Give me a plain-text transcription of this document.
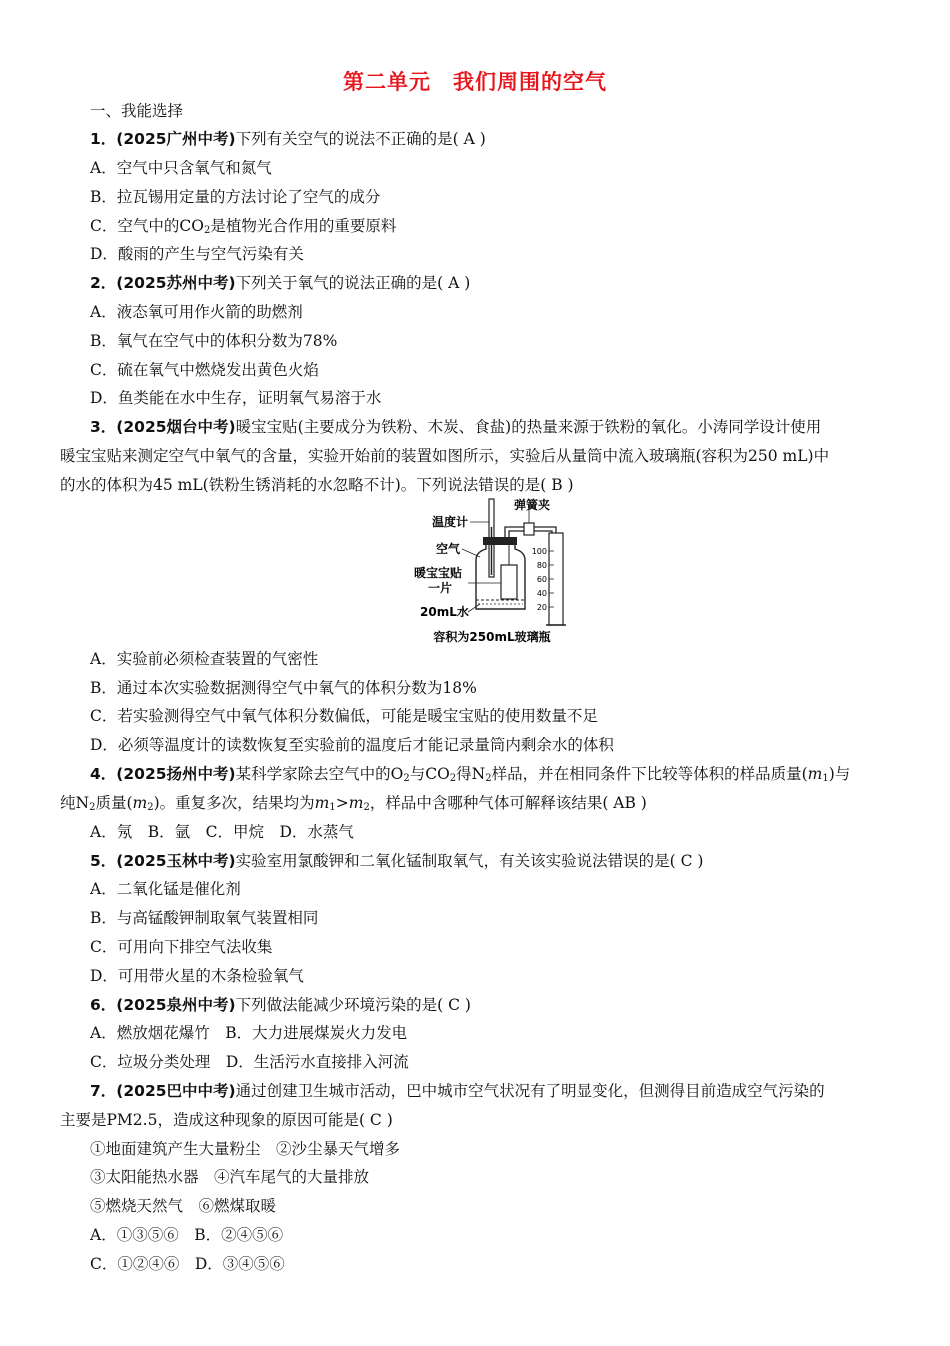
第二单元　我们周围的空气
一、我能选择
1．(2025广州中考)下列有关空气的说法不正确的是( A )
A．空气中只含氧气和氮气
B．拉瓦锡用定量的方法讨论了空气的成分
C．空气中的$CO_2$是植物光合作用的重要原料
D．酸雨的产生与空气污染有关
2．(2025苏州中考)下列关于氧气的说法正确的是( A )
A．液态氧可用作火箭的助燃剂
B．氧气在空气中的体积分数为78%
C．硫在氧气中燃烧发出黄色火焰
D．鱼类能在水中生存，证明氧气易溶于水
3．(2025烟台中考)暖宝宝贴(主要成分为铁粉、木炭、食盐)的热量来源于铁粉的氧化。小涛同学设计使用
暖宝宝贴来测定空气中氧气的含量，实验开始前的装置如图所示，实验后从量筒中流入玻璃瓶(容积为250 mL)中
的水的体积为45 mL(铁粉生锈消耗的水忽略不计)。下列说法错误的是( B )
100
80
60
40
20
温度计
弹簧夹
空气
暖宝宝贴
一片
20mL水
容积为250mL玻璃瓶
A．实验前必须检查装置的气密性
B．通过本次实验数据测得空气中氧气的体积分数为18%
C．若实验测得空气中氧气体积分数偏低，可能是暖宝宝贴的使用数量不足
D．必须等温度计的读数恢复至实验前的温度后才能记录量筒内剩余水的体积
4．(2025扬州中考)某科学家除去空气中的$O_2$与$CO_2$得$N_2$样品，并在相同条件下比较等体积的样品质量$(m_1)$与
纯$N_2$质量$(m_2)$。重复多次，结果均为$m_1>m_2$，样品中含哪种气体可解释该结果( AB )
A．氖　B．氩　C．甲烷　D．水蒸气
5．(2025玉林中考)实验室用氯酸钾和二氧化锰制取氧气，有关该实验说法错误的是( C )
A．二氧化锰是催化剂
B．与高锰酸钾制取氧气装置相同
C．可用向下排空气法收集
D．可用带火星的木条检验氧气
6．(2025泉州中考)下列做法能减少环境污染的是( C )
A．燃放烟花爆竹　B．大力进展煤炭火力发电
C．垃圾分类处理　D．生活污水直接排入河流
7．(2025巴中中考)通过创建卫生城市活动，巴中城市空气状况有了明显变化，但测得目前造成空气污染的
主要是PM2.5，造成这种现象的原因可能是( C )
①地面建筑产生大量粉尘　②沙尘暴天气增多
③太阳能热水器　④汽车尾气的大量排放
⑤燃烧天然气　⑥燃煤取暖
A．①③⑤⑥　B．②④⑤⑥
C．①②④⑥　D．③④⑤⑥
